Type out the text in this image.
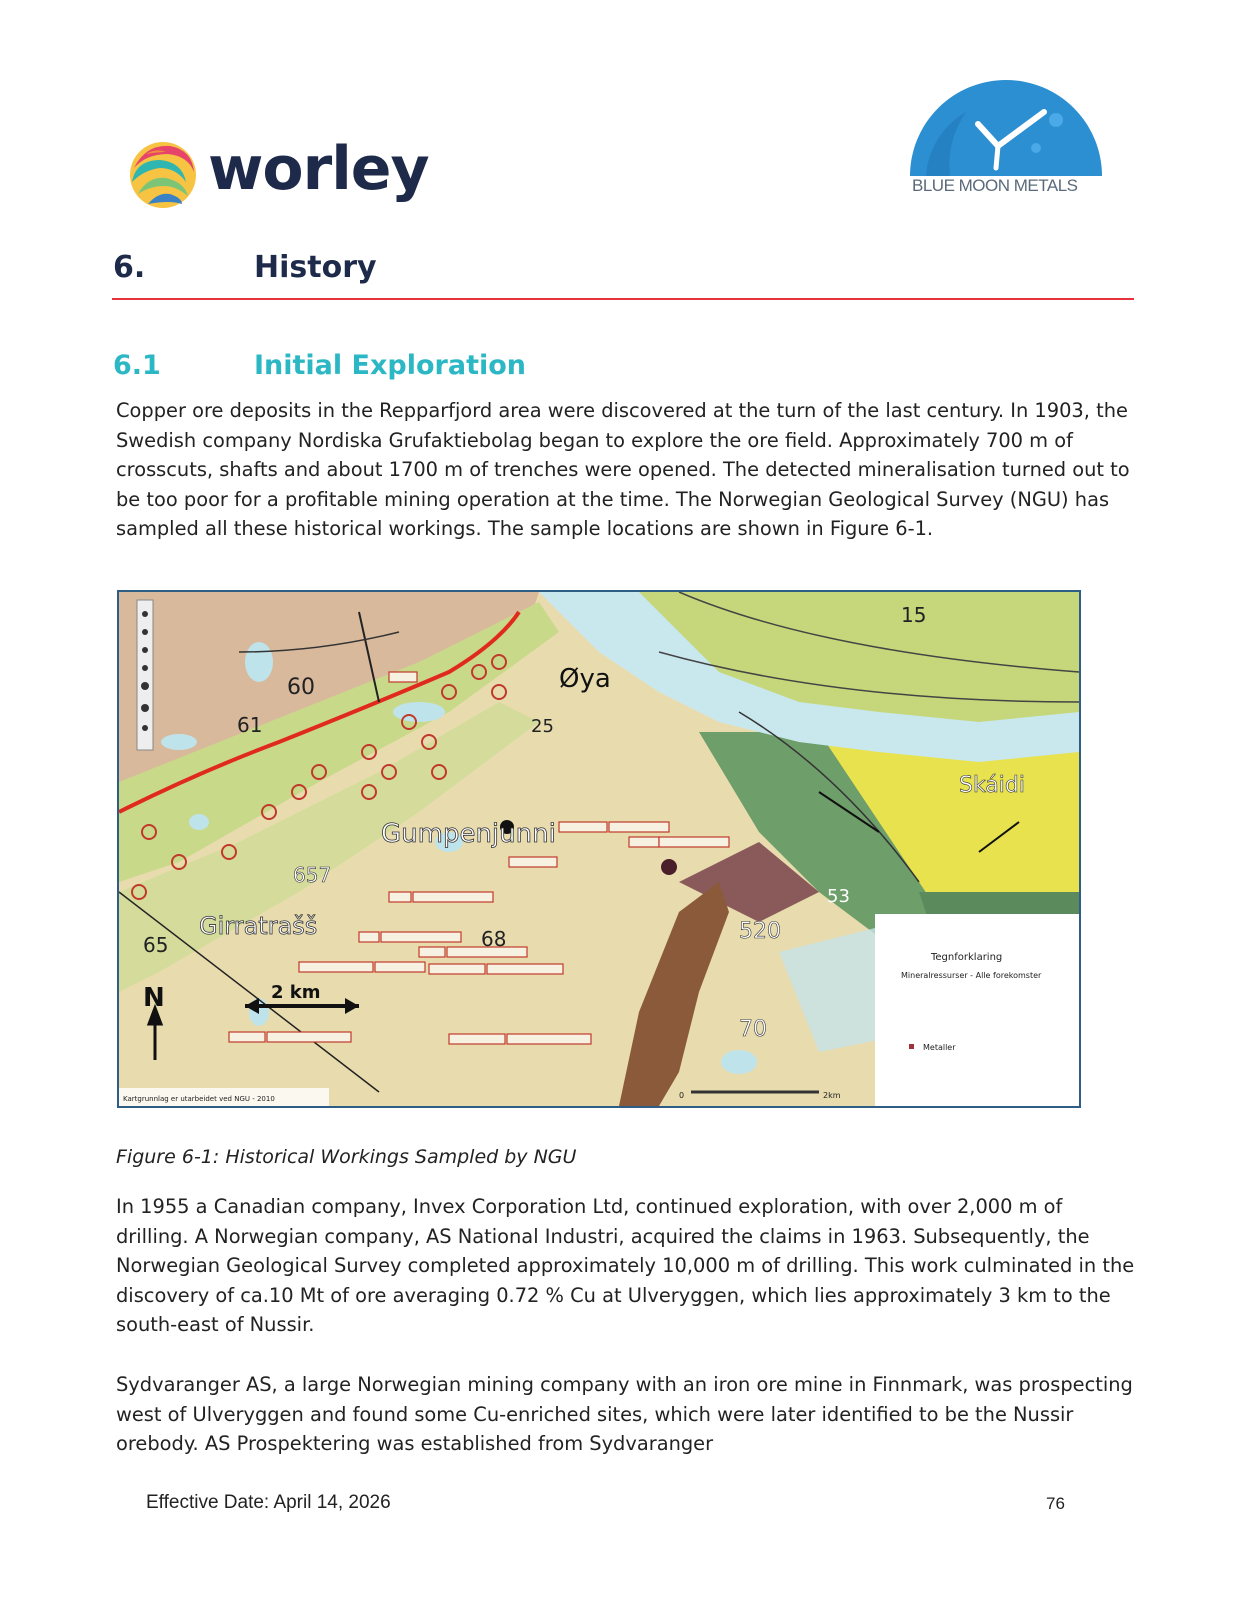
worley	BLUE MOON METALS
6.	History
6.1	Initial Exploration
Copper ore deposits in the Repparfjord area were discovered at the turn of the last century. In 1903, the Swedish company Nordiska Grufaktiebolag began to explore the ore field. Approximately 700 m of crosscuts, shafts and about 1700 m of trenches were opened. The detected mineralisation turned out to be too poor for a profitable mining operation at the time. The Norwegian Geological Survey (NGU) has sampled all these historical workings. The sample locations are shown in Figure 6-1.
Øya
Gumpenjunni
Girratrašš
Skáidi
2 km
N
Tegnforklaring
Mineralressurser - Alle forekomster
Metaller
Kartgrunnlag er utarbeidet ved NGU - 2010	0	2km
60
61
65	68
70
15
25
53
520
657
Figure 6-1: Historical Workings Sampled by NGU
In 1955 a Canadian company, Invex Corporation Ltd, continued exploration, with over 2,000 m of drilling. A Norwegian company, AS National Industri, acquired the claims in 1963. Subsequently, the Norwegian Geological Survey completed approximately 10,000 m of drilling. This work culminated in the discovery of ca.10 Mt of ore averaging 0.72 % Cu at Ulveryggen, which lies approximately 3 km to the south-east of Nussir.
Sydvaranger AS, a large Norwegian mining company with an iron ore mine in Finnmark, was prospecting west of Ulveryggen and found some Cu-enriched sites, which were later identified to be the Nussir orebody. AS Prospektering was established from Sydvaranger
Effective Date: April 14, 2026	76
